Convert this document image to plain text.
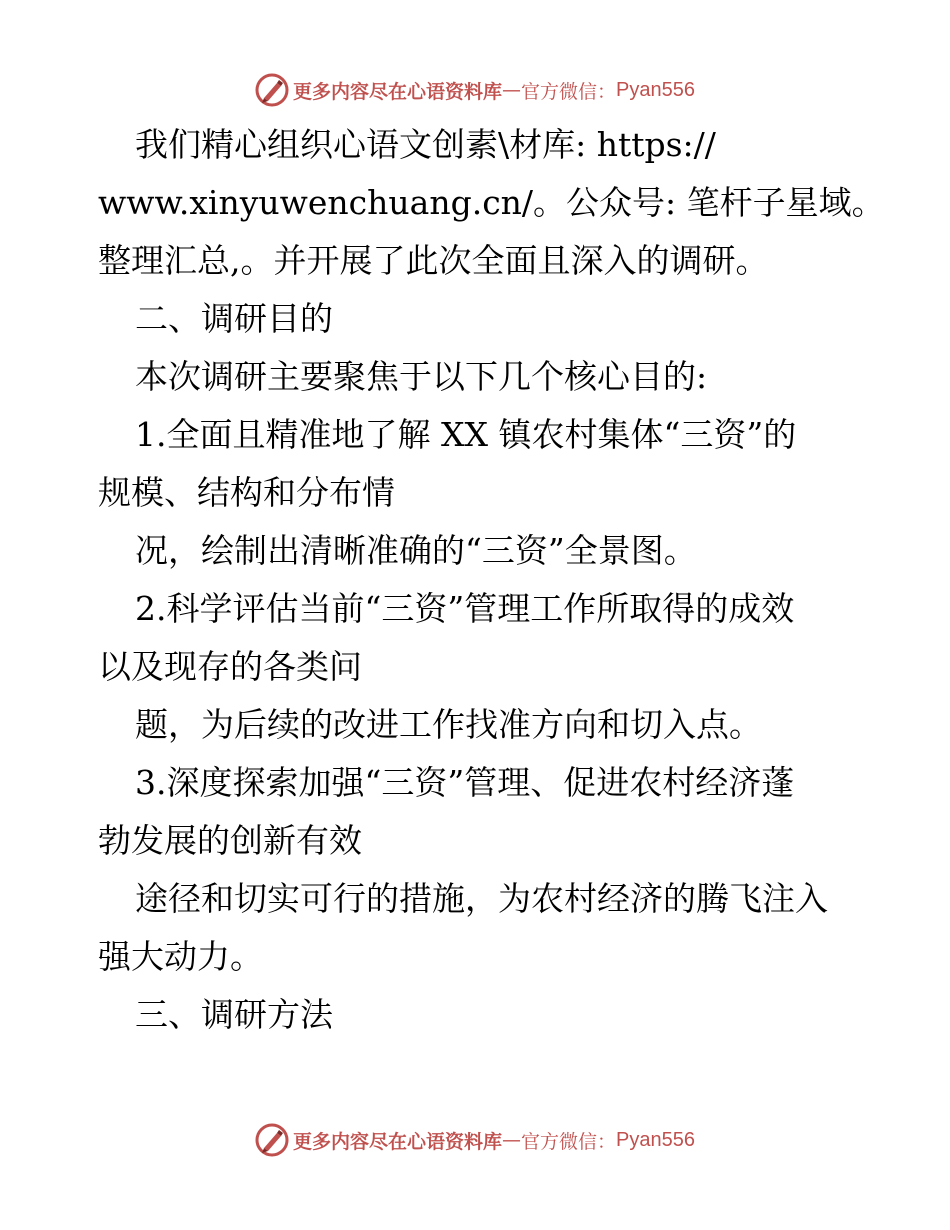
更多内容尽在心语资料库 — 官方微信： Pyan556

我们精心组织心语文创素\材库: https://

www.xinyuwenchuang.cn/。公众号: 笔杆子星域。

整理汇总,。并开展了此次全面且深入的调研。

二、调研目的

本次调研主要聚焦于以下几个核心目的:

1.全面且精准地了解 XX 镇农村集体“三资”的

规模、结构和分布情

况，绘制出清晰准确的“三资”全景图。

2.科学评估当前“三资”管理工作所取得的成效

以及现存的各类问

题，为后续的改进工作找准方向和切入点。

3.深度探索加强“三资”管理、促进农村经济蓬

勃发展的创新有效

途径和切实可行的措施，为农村经济的腾飞注入

强大动力。

三、调研方法

更多内容尽在心语资料库 — 官方微信： Pyan556
